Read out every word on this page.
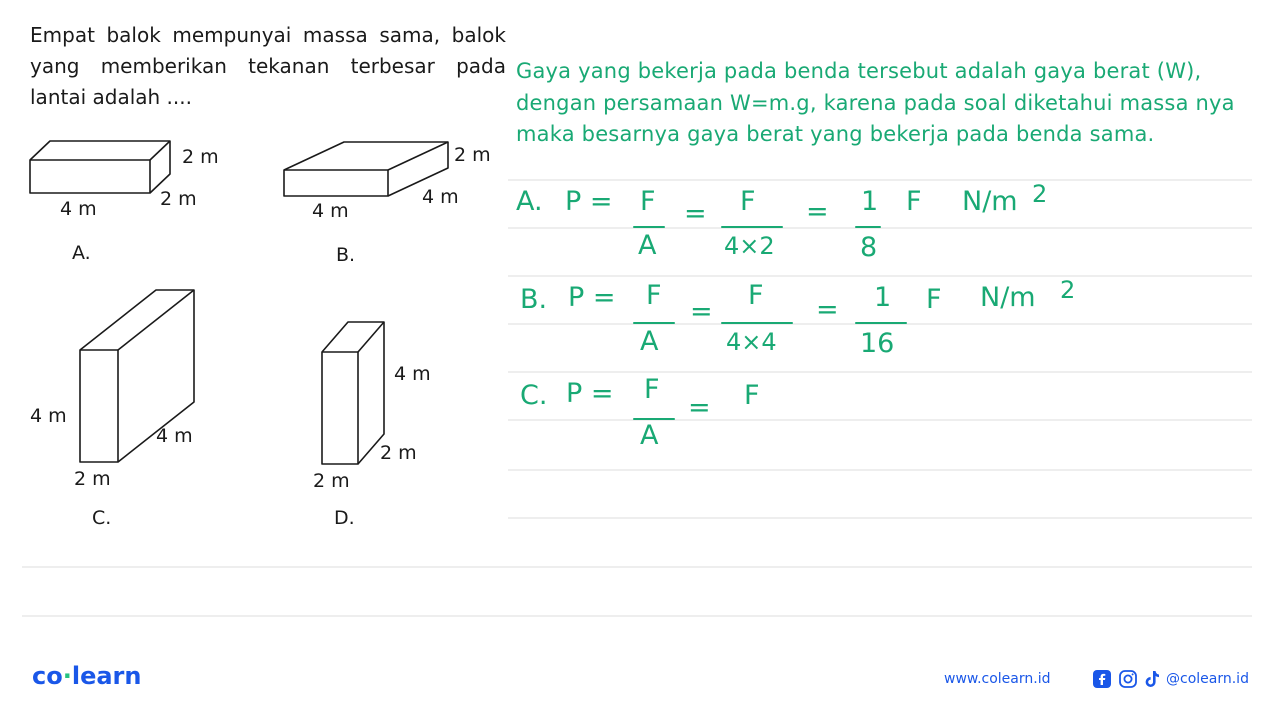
Empat balok mempunyai massa sama, balok yang memberikan tekanan terbesar pada lantai adalah ....
2 m
4 m	2 m
A.
2 m
4 m
4 m
B.
4 m
4 m
2 m
C.
4 m
2 m
2 m
D.
Gaya yang bekerja pada benda tersebut adalah gaya berat (W), dengan persamaan W=m.g, karena pada soal diketahui massa nya maka besarnya gaya berat yang bekerja pada benda sama.
A. P = F
A
= F
4×2
= 1
8
F N/m 2
B. P = F
A
=
F
4×4
= 1
16
F N/m 2
C. P = F
A
= F
co·learn	www.colearn.id	@colearn.id
